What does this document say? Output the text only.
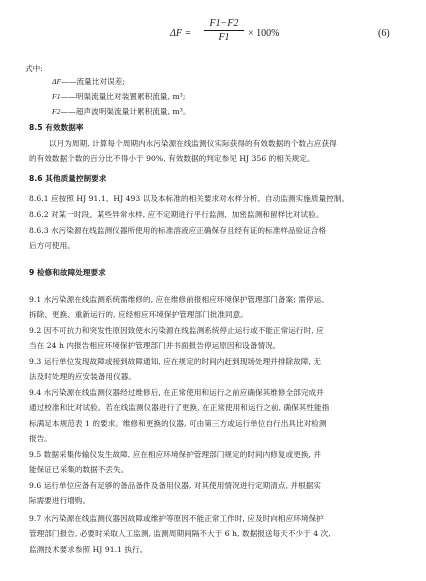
$\Delta F = \frac{F1-F2}{F1} \times 100\%$	(6)
式中:
ΔF——流量比对误差;
F1——明渠流量比对装置累积流量, m³;
F2——超声波明渠流量计累积流量, m³。
8.5 有效数据率
以月为周期, 计算每个周期内水污染源在线监测仪实际获得的有效数据的个数占应获得
的有效数据个数的百分比不得小于 90%, 有效数据的判定参见 HJ 356 的相关规定。
8.6 其他质量控制要求
8.6.1 应按照 HJ 91.1、HJ 493 以及本标准的相关要求对水样分析、自动监测实施质量控制。
8.6.2 对某一时段、某些异常水样, 应不定期进行平行监测、加密监测和留样比对试验。
8.6.3 水污染源在线监测仪器所使用的标准溶液应正确保存且经有证的标准样品验证合格
后方可使用。
9 检修和故障处理要求
9.1 水污染源在线监测系统需维修的, 应在维修前报相应环境保护管理部门备案; 需停运、
拆除、更换、重新运行的, 应经相应环境保护管理部门批准同意。
9.2 因不可抗力和突发性原因致使水污染源在线监测系统停止运行或不能正常运行时, 应
当在 24 h 内报告相应环境保护管理部门并书面报告停运原因和设备情况。
9.3 运行单位发现故障或接到故障通知, 应在规定的时间内赶到现场处理并排除故障, 无
法及时处理的应安装备用仪器。
9.4 水污染源在线监测仪器经过维修后, 在正常使用和运行之前应确保其维修全部完成并
通过校准和比对试验。若在线监测仪器进行了更换, 在正常使用和运行之前, 确保其性能指
标满足本规范表 1 的要求。维修和更换的仪器, 可由第三方或运行单位自行出具比对检测
报告。
9.5 数据采集传输仪发生故障, 应在相应环境保护管理部门规定的时间内修复或更换, 并
能保证已采集的数据不丢失。
9.6 运行单位应备有足够的备品备件及备用仪器, 对其使用情况进行定期清点, 并根据实
际需要进行增购。
9.7 水污染源在线监测仪器因故障或维护等原因不能正常工作时, 应及时向相应环境保护
管理部门报告, 必要时采取人工监测, 监测周期间隔不大于 6 h, 数据报送每天不少于 4 次,
监测技术要求参照 HJ 91.1 执行。
